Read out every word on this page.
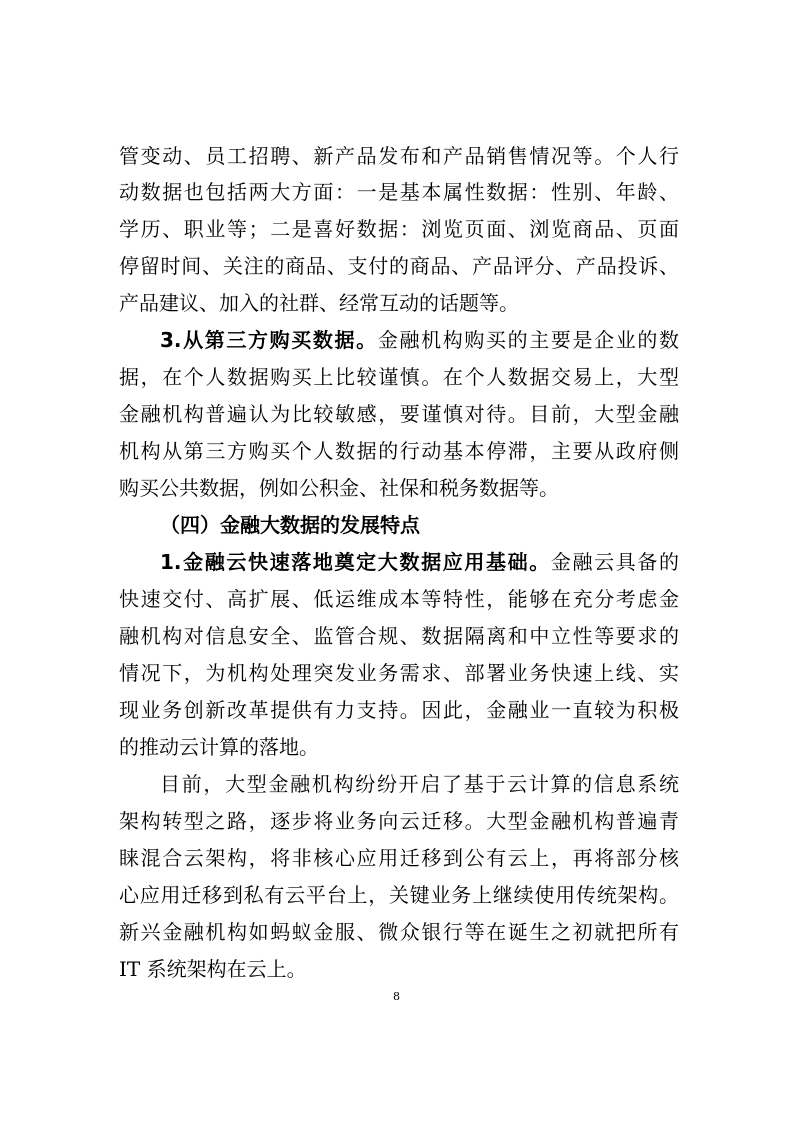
管变动、员工招聘、新产品发布和产品销售情况等。个人行
动数据也包括两大方面：一是基本属性数据：性别、年龄、
学历、职业等；二是喜好数据：浏览页面、浏览商品、页面
停留时间、关注的商品、支付的商品、产品评分、产品投诉、
产品建议、加入的社群、经常互动的话题等。
3.从第三方购买数据。金融机构购买的主要是企业的数
据，在个人数据购买上比较谨慎。在个人数据交易上，大型
金融机构普遍认为比较敏感，要谨慎对待。目前，大型金融
机构从第三方购买个人数据的行动基本停滞，主要从政府侧
购买公共数据，例如公积金、社保和税务数据等。
（四）金融大数据的发展特点
1.金融云快速落地奠定大数据应用基础。金融云具备的
快速交付、高扩展、低运维成本等特性，能够在充分考虑金
融机构对信息安全、监管合规、数据隔离和中立性等要求的
情况下，为机构处理突发业务需求、部署业务快速上线、实
现业务创新改革提供有力支持。因此，金融业一直较为积极
的推动云计算的落地。
目前，大型金融机构纷纷开启了基于云计算的信息系统
架构转型之路，逐步将业务向云迁移。大型金融机构普遍青
睐混合云架构，将非核心应用迁移到公有云上，再将部分核
心应用迁移到私有云平台上，关键业务上继续使用传统架构。
新兴金融机构如蚂蚁金服、微众银行等在诞生之初就把所有
IT 系统架构在云上。
8
